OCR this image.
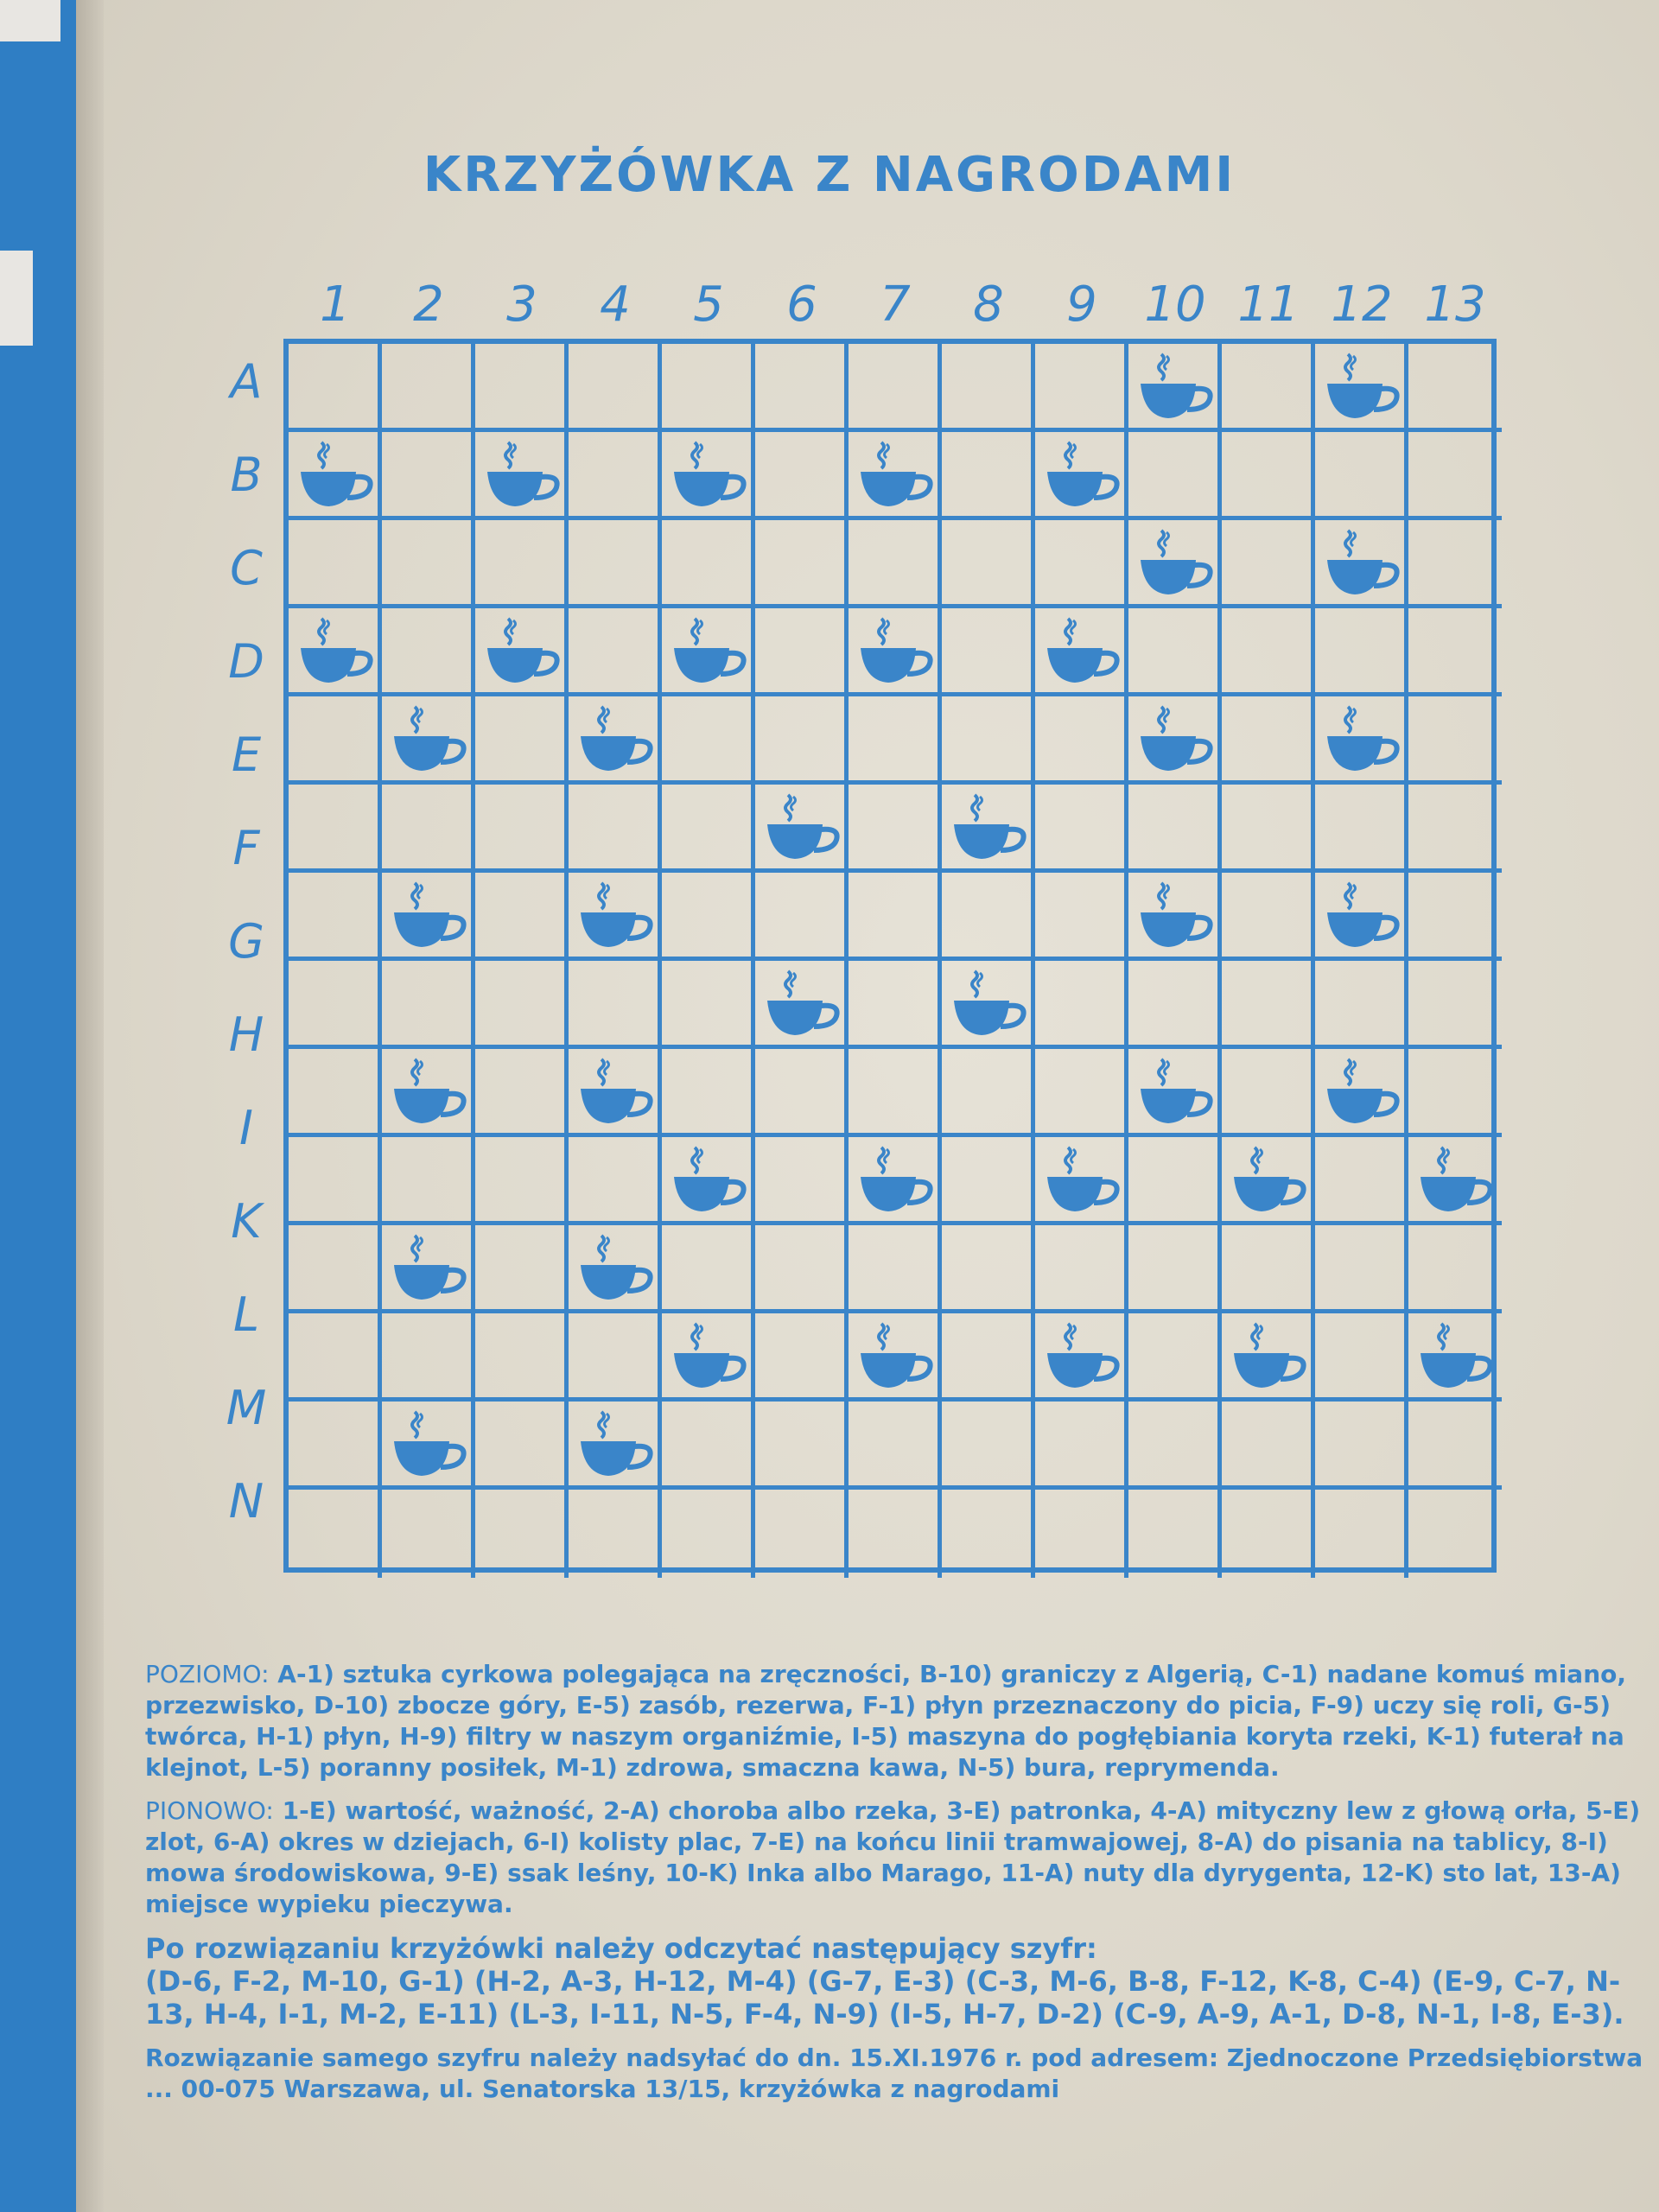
KRZYŻÓWKA Z NAGRODAMI
1	2	3	4	5	6	7	8	9 10 11 12 13
A
B
C
D
E
F
G
H
I
K
L
M
N

POZIOMO: A-1) sztuka cyrkowa polegająca na zręczności, B-10) graniczy z Algerią, C-1) nadane komuś miano, przezwisko, D-10) zbocze góry, E-5) zasób, rezerwa, F-1) płyn przeznaczony do picia, F-9) uczy się roli, G-5) twórca, H-1) płyn, H-9) filtry w naszym organiźmie, I-5) maszyna do pogłębiania koryta rzeki, K-1) futerał na klejnot, L-5) poranny posiłek, M-1) zdrowa, smaczna kawa, N-5) bura, reprymenda.

PIONOWO: 1-E) wartość, ważność, 2-A) choroba albo rzeka, 3-E) patronka, 4-A) mityczny lew z głową orła, 5-E) zlot, 6-A) okres w dziejach, 6-I) kolisty plac, 7-E) na końcu linii tramwajowej, 8-A) do pisania na tablicy, 8-I) mowa środowiskowa, 9-E) ssak leśny, 10-K) Inka albo Marago, 11-A) nuty dla dyrygenta, 12-K) sto lat, 13-A) miejsce wypieku pieczywa.

Po rozwiązaniu krzyżówki należy odczytać następujący szyfr:
(D-6, F-2, M-10, G-1) (H-2, A-3, H-12, M-4) (G-7, E-3) (C-3, M-6, B-8, F-12, K-8, C-4) (E-9, C-7, N-13, H-4, I-1, M-2, E-11) (L-3, I-11, N-5, F-4, N-9) (I-5, H-7, D-2) (C-9, A-9, A-1, D-8, N-1, I-8, E-3).

Rozwiązanie samego szyfru należy nadsyłać do dn. 15.XI.1976 r. pod adresem: Zjednoczone Przedsiębiorstwa ... 00-075 Warszawa, ul. Senatorska 13/15, krzyżówka z nagrodami
